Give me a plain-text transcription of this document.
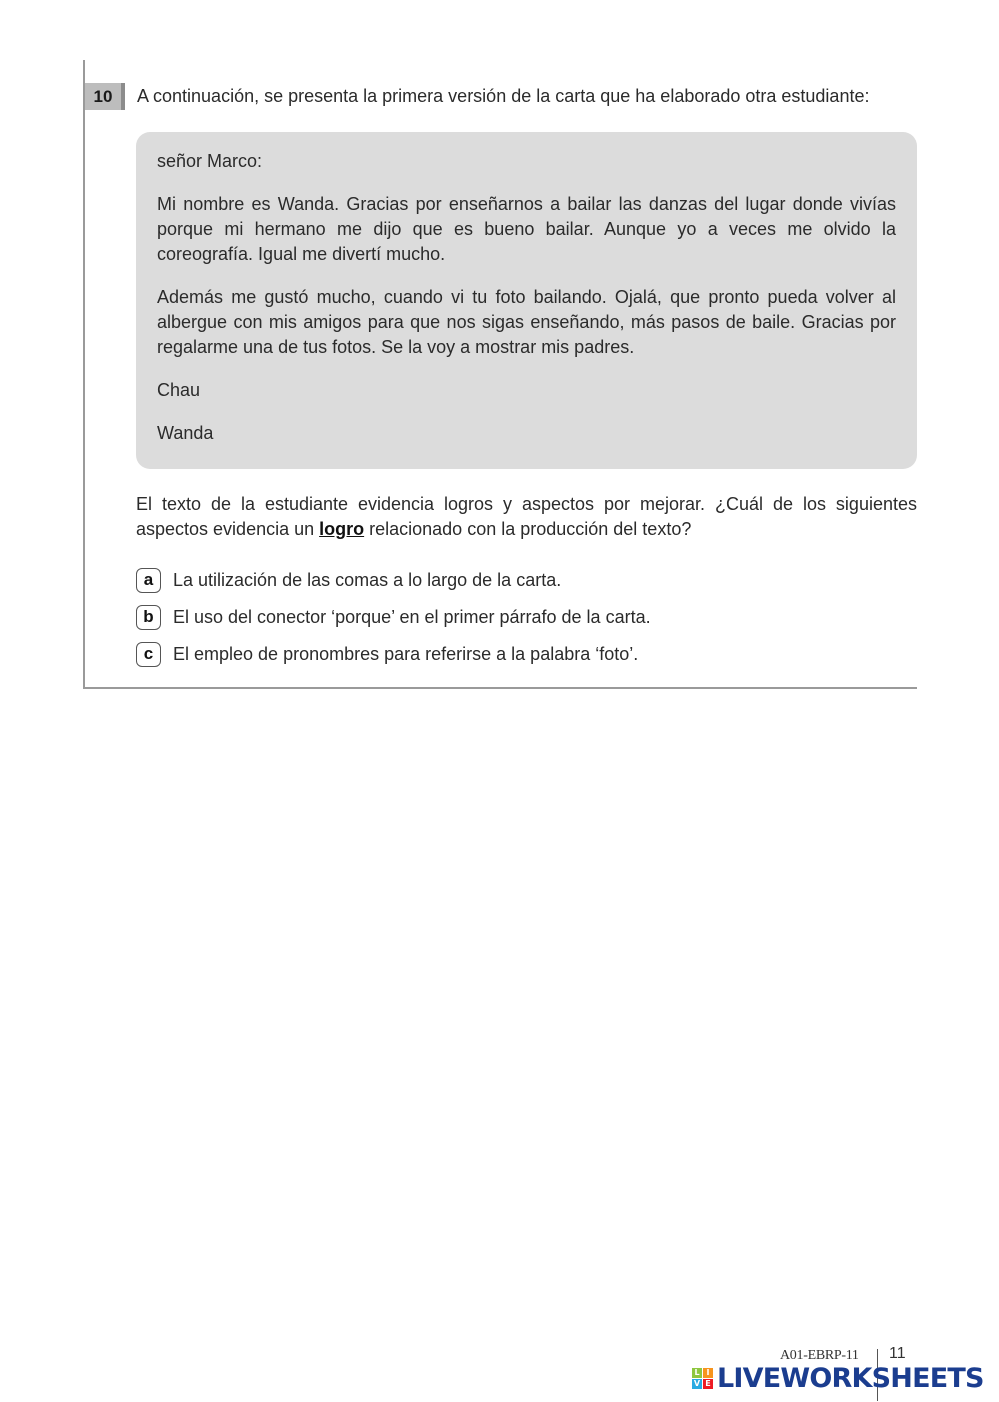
10	A continuación, se presenta la primera versión de la carta que ha elaborado otra estudiante:

señor Marco:

Mi nombre es Wanda. Gracias por enseñarnos a bailar las danzas del lugar donde vivías porque mi hermano me dijo que es bueno bailar. Aunque yo a veces me olvido la coreografía. Igual me divertí mucho.

Además me gustó mucho, cuando vi tu foto bailando. Ojalá, que pronto pueda volver al albergue con mis amigos para que nos sigas enseñando, más pasos de baile. Gracias por regalarme una de tus fotos. Se la voy a mostrar mis padres.

Chau

Wanda

El texto de la estudiante evidencia logros y aspectos por mejorar. ¿Cuál de los siguientes aspectos evidencia un logro relacionado con la producción del texto?

a	La utilización de las comas a lo largo de la carta.
b	El uso del conector ‘porque’ en el primer párrafo de la carta.
c	El empleo de pronombres para referirse a la palabra ‘foto’.
A01-EBRP-11 11
L I
V E LIVEWORKSHEETS
